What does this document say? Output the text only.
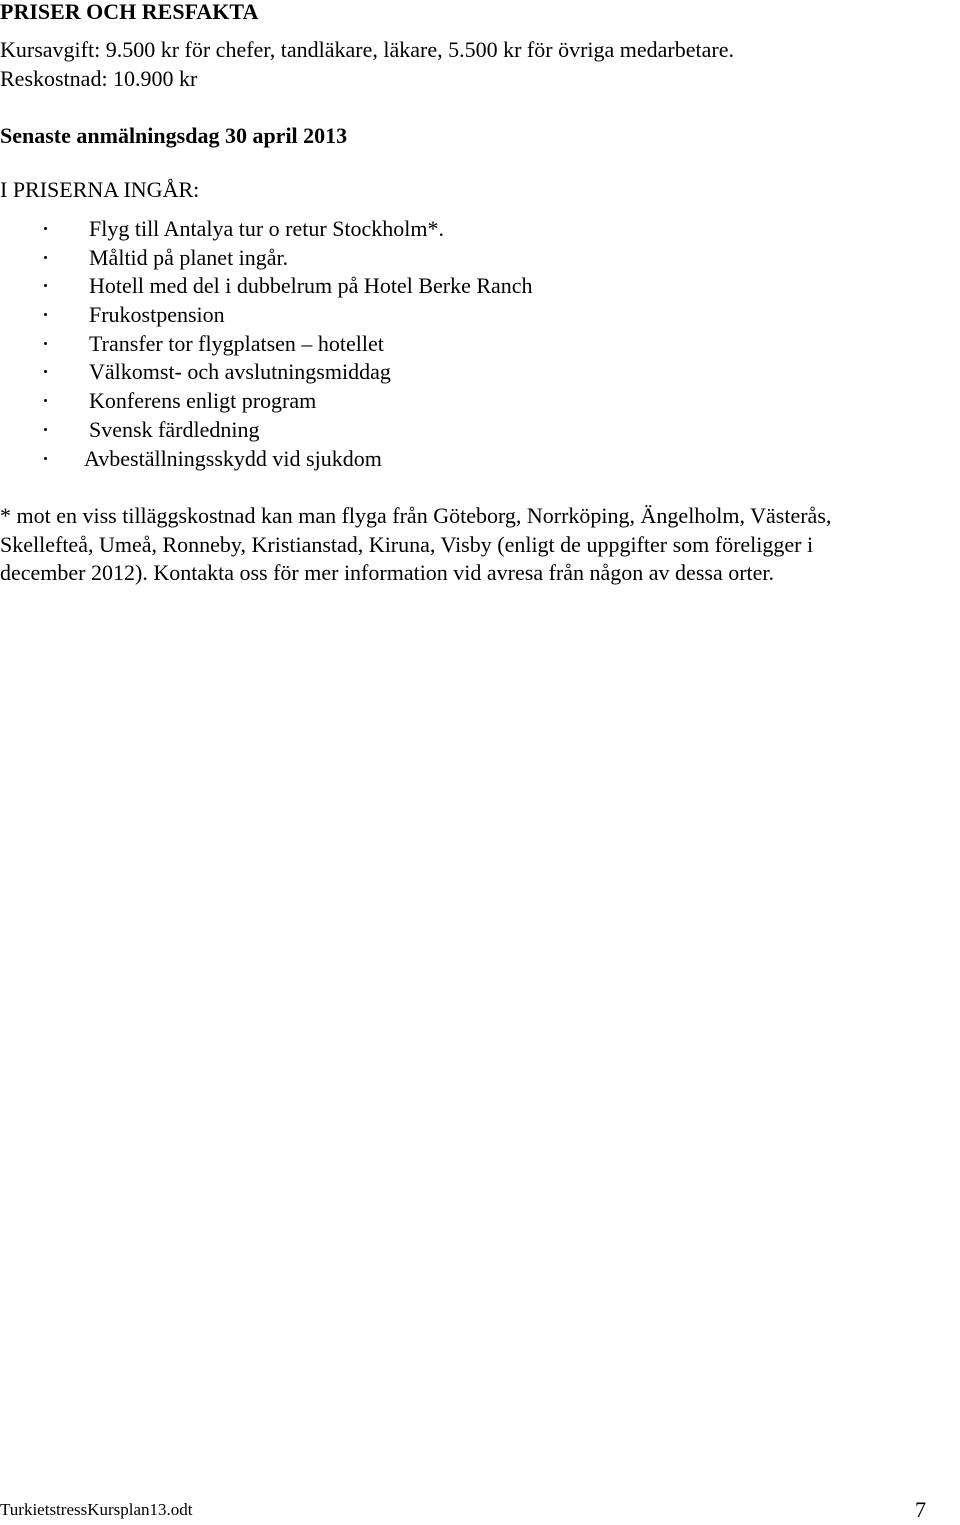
PRISER OCH RESFAKTA
Kursavgift: 9.500 kr för chefer, tandläkare, läkare, 5.500 kr för övriga medarbetare.
Reskostnad: 10.900 kr
Senaste anmälningsdag 30 april 2013
I PRISERNA INGÅR:
Flyg till Antalya tur o retur Stockholm*.
Måltid på planet ingår.
Hotell med del i dubbelrum på Hotel Berke Ranch
Frukostpension
Transfer tor flygplatsen – hotellet
Välkomst- och avslutningsmiddag
Konferens enligt program
Svensk färdledning
Avbeställningsskydd vid sjukdom
* mot en viss tilläggskostnad kan man flyga från Göteborg, Norrköping, Ängelholm, Västerås,
Skellefteå, Umeå, Ronneby, Kristianstad, Kiruna, Visby (enligt de uppgifter som föreligger i
december 2012). Kontakta oss för mer information vid avresa från någon av dessa orter.
TurkietstressKursplan13.odt	7
